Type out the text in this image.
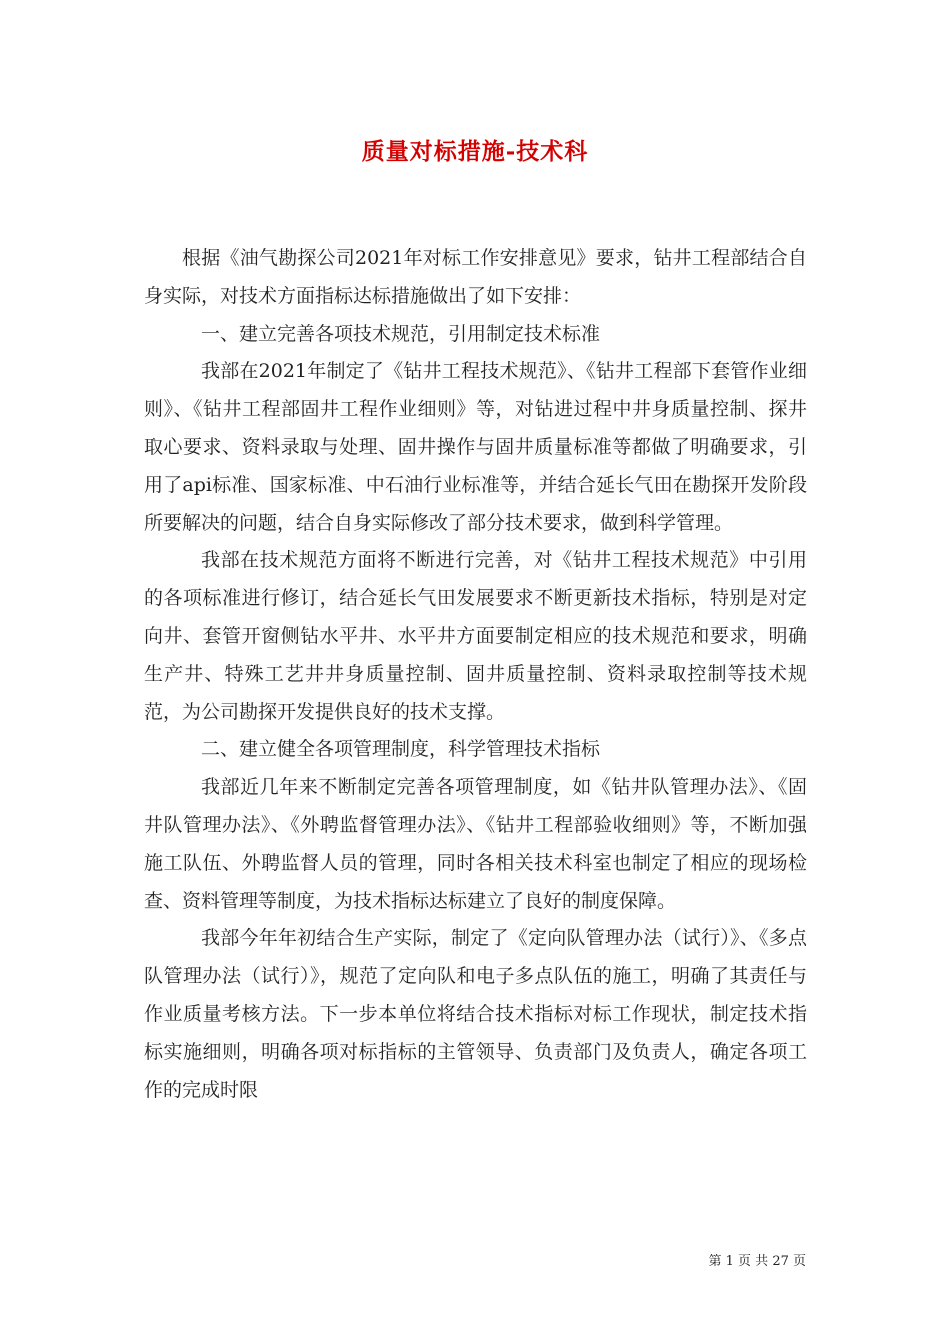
质量对标措施-技术科

根据《油气勘探公司2021年对标工作安排意见》要求，钻井工程部结合自身实际，对技术方面指标达标措施做出了如下安排：

一、建立完善各项技术规范，引用制定技术标准

我部在2021年制定了《钻井工程技术规范》、《钻井工程部下套管作业细则》、《钻井工程部固井工程作业细则》等，对钻进过程中井身质量控制、探井取心要求、资料录取与处理、固井操作与固井质量标准等都做了明确要求，引用了api标准、国家标准、中石油行业标准等，并结合延长气田在勘探开发阶段所要解决的问题，结合自身实际修改了部分技术要求，做到科学管理。

我部在技术规范方面将不断进行完善，对《钻井工程技术规范》中引用的各项标准进行修订，结合延长气田发展要求不断更新技术指标，特别是对定向井、套管开窗侧钻水平井、水平井方面要制定相应的技术规范和要求，明确生产井、特殊工艺井井身质量控制、固井质量控制、资料录取控制等技术规范，为公司勘探开发提供良好的技术支撑。

二、建立健全各项管理制度，科学管理技术指标

我部近几年来不断制定完善各项管理制度，如《钻井队管理办法》、《固井队管理办法》、《外聘监督管理办法》、《钻井工程部验收细则》等，不断加强施工队伍、外聘监督人员的管理，同时各相关技术科室也制定了相应的现场检查、资料管理等制度，为技术指标达标建立了良好的制度保障。

我部今年年初结合生产实际，制定了《定向队管理办法（试行）》、《多点队管理办法（试行）》，规范了定向队和电子多点队伍的施工，明确了其责任与作业质量考核方法。下一步本单位将结合技术指标对标工作现状，制定技术指标实施细则，明确各项对标指标的主管领导、负责部门及负责人，确定各项工作的完成时限

第 1 页 共 27 页
